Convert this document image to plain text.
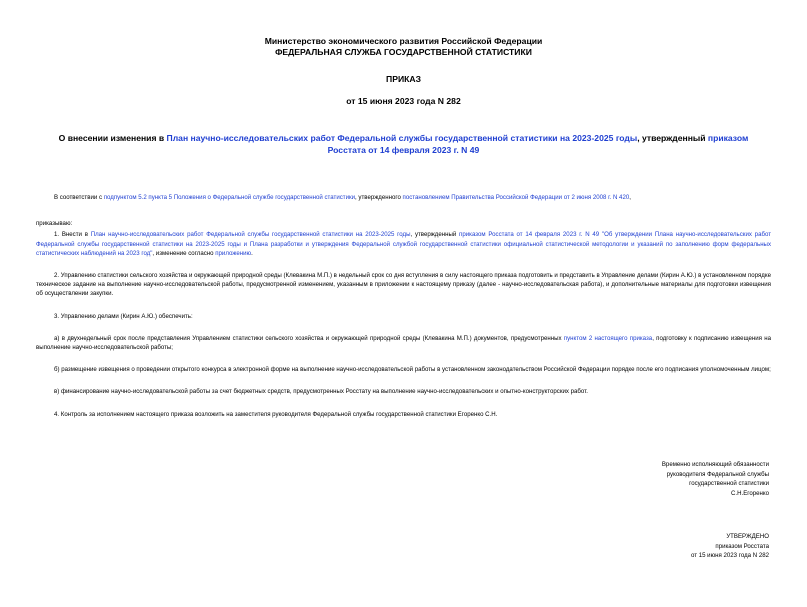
Министерство экономического развития Российской Федерации
ФЕДЕРАЛЬНАЯ СЛУЖБА ГОСУДАРСТВЕННОЙ СТАТИСТИКИ
ПРИКАЗ
от 15 июня 2023 года N 282
О внесении изменения в План научно-исследовательских работ Федеральной службы государственной статистики на 2023-2025 годы, утвержденный приказом Росстата от 14 февраля 2023 г. N 49

В соответствии с подпунктом 5.2 пункта 5 Положения о Федеральной службе государственной статистики, утвержденного постановлением Правительства Российской Федерации от 2 июня 2008 г. N 420,

приказываю:

1. Внести в План научно-исследовательских работ Федеральной службы государственной статистики на 2023-2025 годы, утвержденный приказом Росстата от 14 февраля 2023 г. N 49 "Об утверждении Плана научно-исследовательских работ Федеральной службы государственной статистики на 2023-2025 годы и Плана разработки и утверждения Федеральной службой государственной статистики официальной статистической методологии и указаний по заполнению форм федеральных статистических наблюдений на 2023 год", изменение согласно приложению.

2. Управлению статистики сельского хозяйства и окружающей природной среды (Клевакина М.П.) в недельный срок со дня вступления в силу настоящего приказа подготовить и представить в Управление делами (Кирин А.Ю.) в установленном порядке техническое задание на выполнение научно-исследовательской работы, предусмотренной изменением, указанным в приложении к настоящему приказу (далее - научно-исследовательская работа), и дополнительные материалы для подготовки извещения об осуществлении закупки.

3. Управлению делами (Кирин А.Ю.) обеспечить:

а) в двухнедельный срок после представления Управлением статистики сельского хозяйства и окружающей природной среды (Клевакина М.П.) документов, предусмотренных пунктом 2 настоящего приказа, подготовку к подписанию извещения на выполнение научно-исследовательской работы;

б) размещение извещения о проведении открытого конкурса в электронной форме на выполнение научно-исследовательской работы в установленном законодательством Российской Федерации порядке после его подписания уполномоченным лицом;

в) финансирование научно-исследовательской работы за счет бюджетных средств, предусмотренных Росстату на выполнение научно-исследовательских и опытно-конструкторских работ.

4. Контроль за исполнением настоящего приказа возложить на заместителя руководителя Федеральной службы государственной статистики Егоренко С.Н.

Временно исполняющий обязанности
руководителя Федеральной службы
государственной статистики
С.Н.Егоренко
УТВЕРЖДЕНО
приказом Росстата
от 15 июня 2023 года N 282
